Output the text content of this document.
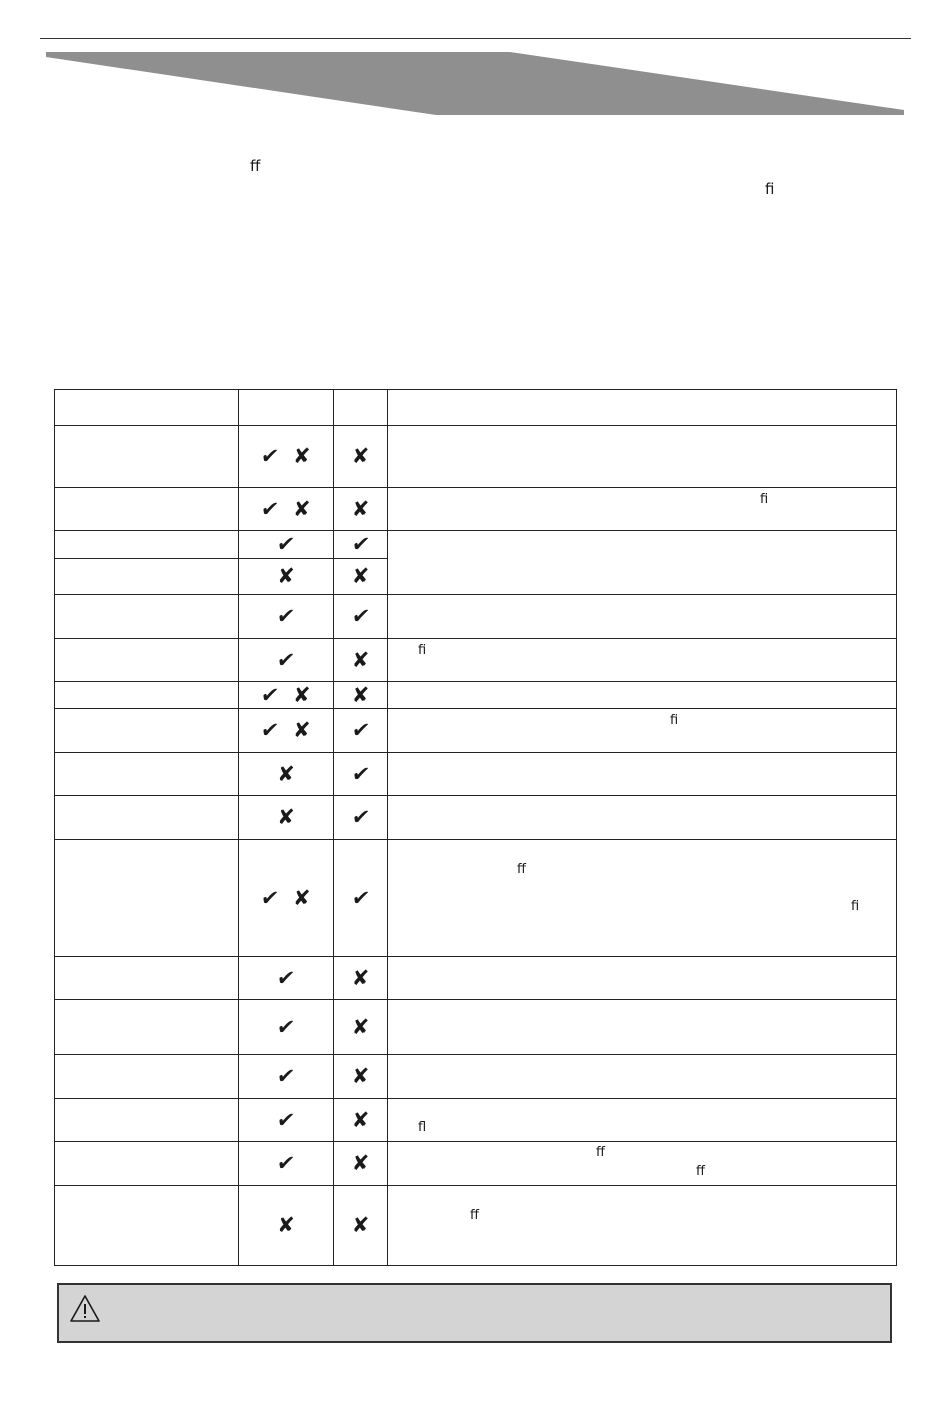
ﬀ
ﬁ

	✔ ✘	✘	
	✔ ✘	✘	ﬁ

	✔	✔	
	✘	✘	
	✔	✔	
	✔	✘	ﬁ

	✔ ✘	✘	
	✔ ✘	✔	ﬁ

	✘	✔	
	✘	✔	
	✔ ✘	✔	ﬀ
ﬁ

	✔	✘	
	✔	✘	
	✔	✘	
	✔	✘	ﬂ

	✔	✘	ﬀ
ﬀ

	✘	✘	ﬀ
